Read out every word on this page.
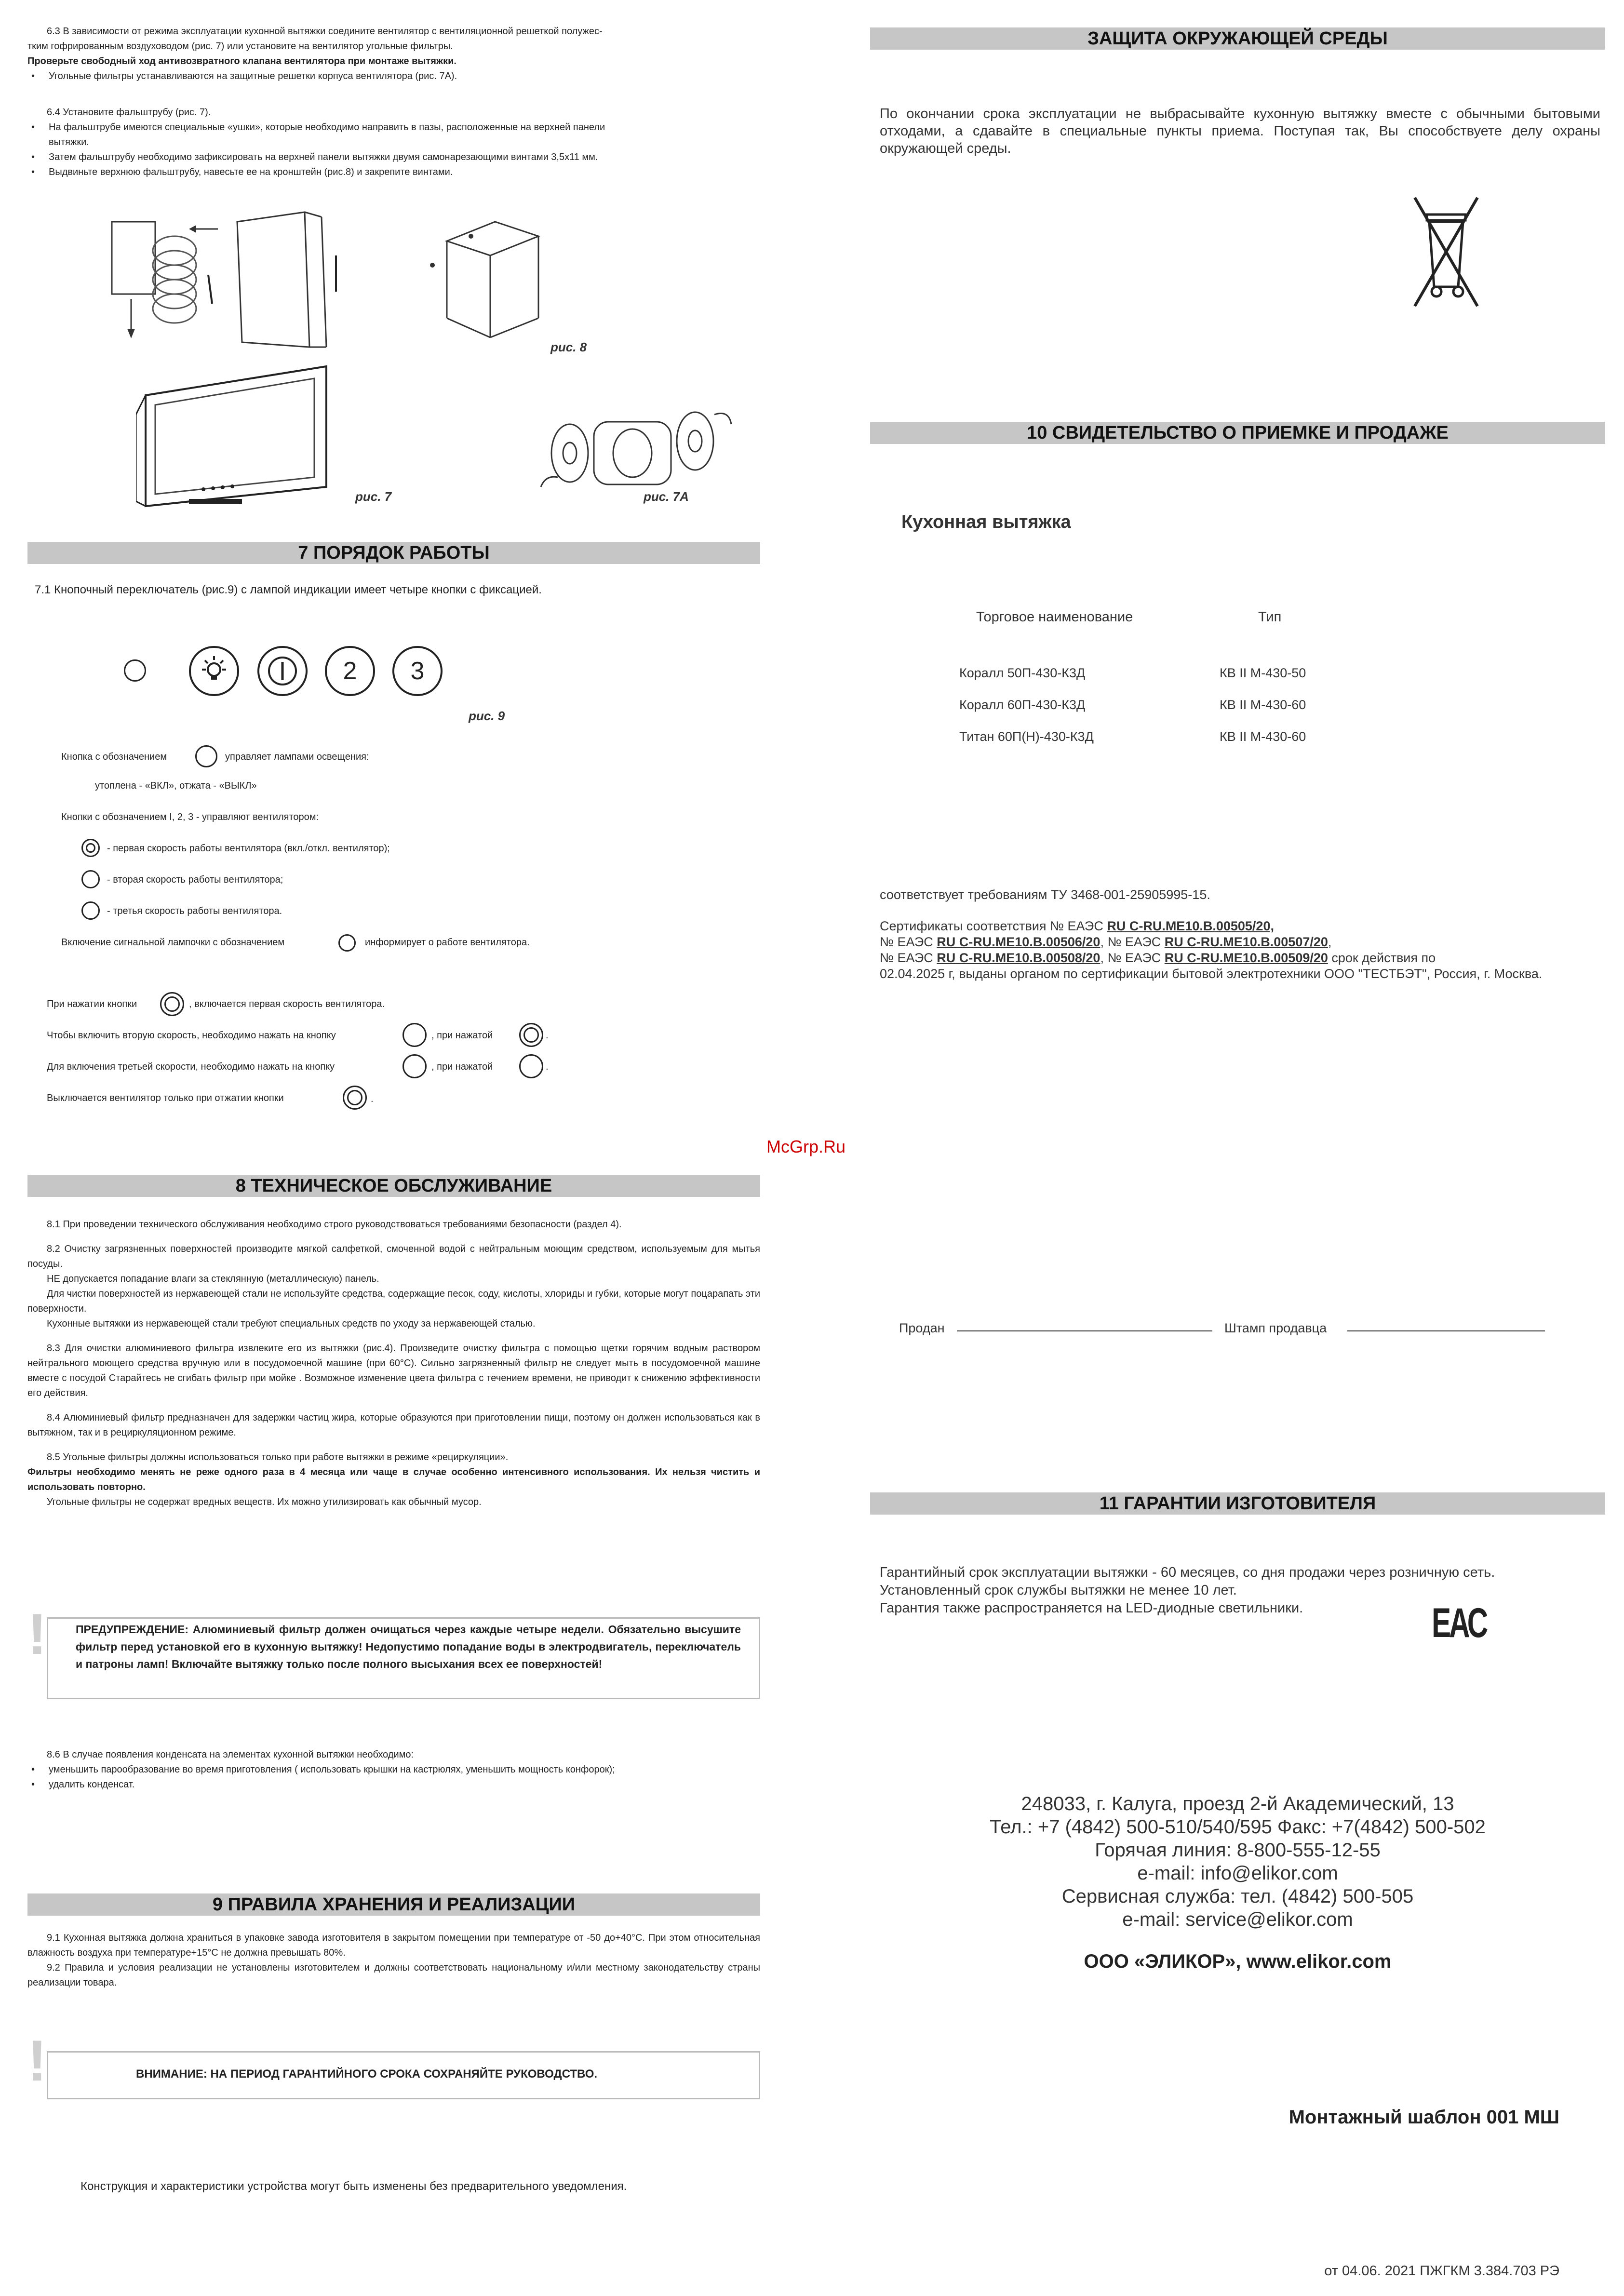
6.3 В зависимости от режима эксплуатации кухонной вытяжки соедините вентилятор с вентиляционной решеткой полужес-

тким гофрированным воздуховодом (рис. 7) или установите на вентилятор угольные фильтры.

Проверьте свободный ход антивозвратного клапана вентилятора при монтаже вытяжки.

• Угольные фильтры устанавливаются на защитные решетки корпуса вентилятора (рис. 7А).

6.4 Установите фальштрубу (рис. 7).

• На фальштрубе имеются специальные «ушки», которые необходимо направить в пазы, расположенные на верхней панели

вытяжки.

• Затем фальштрубу необходимо зафиксировать на верхней панели вытяжки двумя самонарезающими винтами 3,5х11 мм.

• Выдвиньте верхнюю фальштрубу, навесьте ее на кронштейн (рис.8) и закрепите винтами.

рис. 7
рис. 8
рис. 7А
7 ПОРЯДОК РАБОТЫ
7.1 Кнопочный переключатель (рис.9) с лампой индикации имеет четыре кнопки с фиксацией.
2	3
рис. 9
Кнопка с обозначением	управляет лампами освещения:
утоплена - «ВКЛ», отжата - «ВЫКЛ»
Кнопки с обозначением I, 2, 3 - управляют вентилятором:
- первая скорость работы вентилятора (вкл./откл. вентилятор);
- вторая скорость работы вентилятора;
- третья скорость работы вентилятора.
Включение сигнальной лампочки с обозначением	информирует о работе вентилятора.
При нажатии кнопки	, включается первая скорость вентилятора.
Чтобы включить вторую скорость, необходимо нажать на кнопку	, при нажатой	.
Для включения третьей скорости, необходимо нажать на кнопку	, при нажатой	.
Выключается вентилятор только при отжатии кнопки	.
8 ТЕХНИЧЕСКОЕ ОБСЛУЖИВАНИЕ

8.1 При проведении технического обслуживания необходимо строго руководствоваться требованиями безопасности (раздел 4).

8.2 Очистку загрязненных поверхностей производите мягкой салфеткой, смоченной водой с нейтральным моющим средством, используемым для мытья посуды.

НЕ допускается попадание влаги за стеклянную (металлическую) панель.

Для чистки поверхностей из нержавеющей стали не используйте средства, содержащие песок, соду, кислоты, хлориды и губки, которые могут поцарапать эти поверхности.

Кухонные вытяжки из нержавеющей стали требуют специальных средств по уходу за нержавеющей сталью.

8.3 Для очистки алюминиевого фильтра извлеките его из вытяжки (рис.4). Произведите очистку фильтра с помощью щетки горячим водным раствором нейтрального моющего средства вручную или в посудомоечной машине (при 60°С). Сильно загрязненный фильтр не следует мыть в посудомоечной машине вместе с посудой Старайтесь не сгибать фильтр при мойке . Возможное изменение цвета фильтра с течением времени, не приводит к снижению эффективности его действия.

8.4 Алюминиевый фильтр предназначен для задержки частиц жира, которые образуются при приготовлении пищи, поэтому он должен использоваться как в вытяжном, так и в рециркуляционном режиме.

8.5 Угольные фильтры должны использоваться только при работе вытяжки в режиме «рециркуляции».

Фильтры необходимо менять не реже одного раза в 4 месяца или чаще в случае особенно интенсивного использования. Их нельзя чистить и использовать повторно.

Угольные фильтры не содержат вредных веществ. Их можно утилизировать как обычный мусор.

!	ПРЕДУПРЕЖДЕНИЕ: Алюминиевый фильтр должен очищаться через каждые четыре недели. Обязательно высушите фильтр перед установкой его в кухонную вытяжку! Недопустимо попадание воды в электродвигатель, переключатель и патроны ламп! Включайте вытяжку только после полного высыхания всех ее поверхностей!

8.6 В случае появления конденсата на элементах кухонной вытяжки необходимо:

• уменьшить парообразование во время приготовления ( использовать крышки на кастрюлях, уменьшить мощность конфорок);

• удалить конденсат.

9 ПРАВИЛА ХРАНЕНИЯ И РЕАЛИЗАЦИИ

9.1 Кухонная вытяжка должна храниться в упаковке завода изготовителя в закрытом помещении при температуре от -50 до+40°С. При этом относительная влажность воздуха при температуре+15°С не должна превышать 80%.

9.2 Правила и условия реализации не установлены изготовителем и должны соответствовать национальному и/или местному законодательству страны реализации товара.

!	ВНИМАНИЕ: НА ПЕРИОД ГАРАНТИЙНОГО СРОКА СОХРАНЯЙТЕ РУКОВОДСТВО.
Конструкция и характеристики устройства могут быть изменены без предварительного уведомления.
McGrp.Ru
ЗАЩИТА ОКРУЖАЮЩЕЙ СРЕДЫ
По окончании срока эксплуатации не выбрасывайте кухонную вытяжку вместе с обычными бытовыми отходами, а сдавайте в специальные пункты приема. Поступая так, Вы способствуете делу охраны окружающей среды.
10 СВИДЕТЕЛЬСТВО О ПРИЕМКЕ И ПРОДАЖЕ
Кухонная вытяжка
Торговое наименование	Тип
Коралл 50П-430-К3Д	КВ II М-430-50
Коралл 60П-430-К3Д	КВ II М-430-60
Титан 60П(Н)-430-К3Д	КВ II М-430-60
соответствует требованиям ТУ 3468-001-25905995-15.
Сертификаты соответствия № ЕАЭС RU C-RU.ME10.B.00505/20,
№ ЕАЭС RU C-RU.ME10.B.00506/20, № ЕАЭС RU C-RU.ME10.B.00507/20,
№ ЕАЭС RU C-RU.ME10.B.00508/20, № ЕАЭС RU C-RU.ME10.B.00509/20 срок действия по
02.04.2025 г, выданы органом по сертификации бытовой электротехники ООО "ТЕСТБЭТ", Россия, г. Москва.
Продан	Штамп продавца
11 ГАРАНТИИ ИЗГОТОВИТЕЛЯ
Гарантийный срок эксплуатации вытяжки - 60 месяцев, со дня продажи через розничную сеть.
Установленный срок службы вытяжки не менее 10 лет.
Гарантия также распространяется на LED-диодные светильники.	ЕАС
248033, г. Калуга, проезд 2-й Академический, 13
Тел.: +7 (4842) 500-510/540/595 Факс: +7(4842) 500-502
Горячая линия: 8-800-555-12-55
e-mail: info@elikor.com
Сервисная служба: тел. (4842) 500-505
e-mail: service@elikor.com
ООО «ЭЛИКОР», www.elikor.com
Монтажный шаблон 001 МШ
от 04.06. 2021 ПЖГКМ 3.384.703 РЭ
